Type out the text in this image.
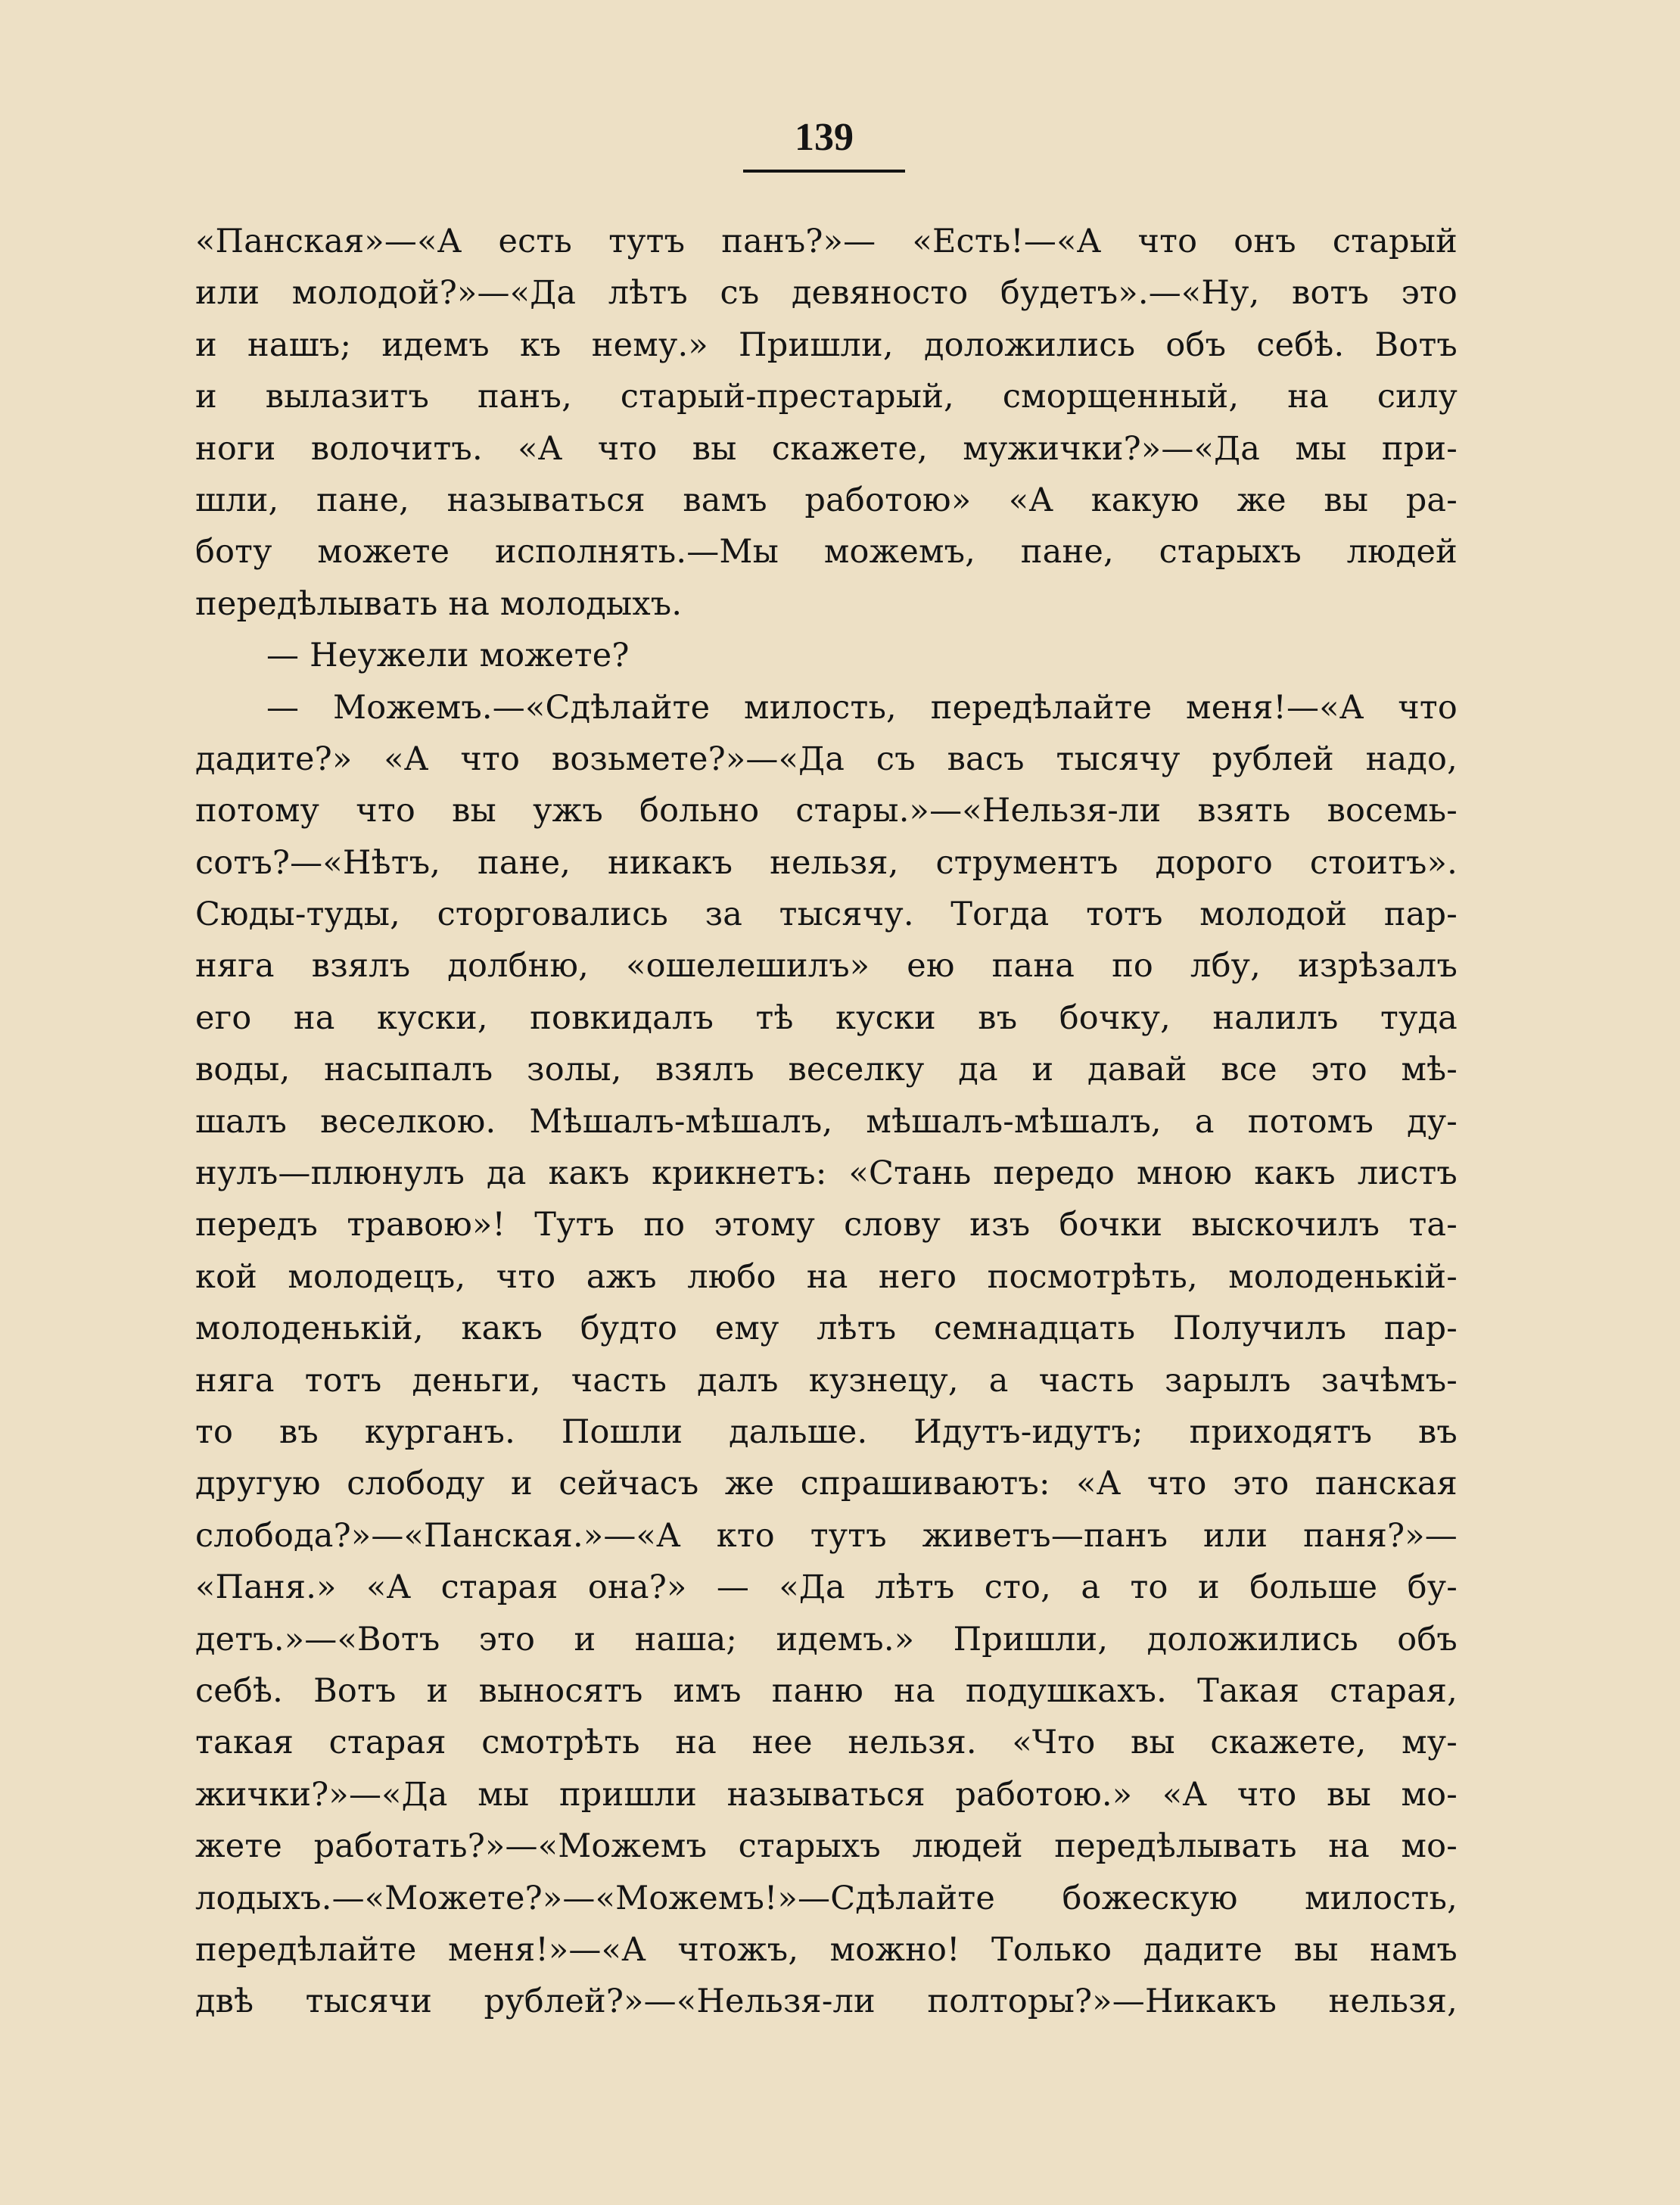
139
«Панская»—«А есть тутъ панъ?»— «Есть!—«А что онъ старый
или молодой?»—«Да лѣтъ съ девяносто будетъ».—«Ну, вотъ это
и нашъ; идемъ къ нему.» Пришли, доложились объ себѣ. Вотъ
и вылазитъ панъ, старый-престарый, сморщенный, на силу
ноги волочитъ. «А что вы скажете, мужички?»—«Да мы при-
шли, пане, называться вамъ работою» «А какую же вы ра-
боту можете исполнять.—Мы можемъ, пане, старыхъ людей
передѣлывать на молодыхъ.
— Неужели можете?
— Можемъ.—«Сдѣлайте милость, передѣлайте меня!—«А что
дадите?» «А что возьмете?»—«Да съ васъ тысячу рублей надо,
потому что вы ужъ больно стары.»—«Нельзя-ли взять восемь-
сотъ?—«Нѣтъ, пане, никакъ нельзя, струментъ дорого стоитъ».
Сюды-туды, сторговались за тысячу. Тогда тотъ молодой пар-
няга взялъ долбню, «ошелешилъ» ею пана по лбу, изрѣзалъ
его на куски, повкидалъ тѣ куски въ бочку, налилъ туда
воды, насыпалъ золы, взялъ веселку да и давай все это мѣ-
шалъ веселкою. Мѣшалъ-мѣшалъ, мѣшалъ-мѣшалъ, а потомъ ду-
нулъ—плюнулъ да какъ крикнетъ: «Стань передо мною какъ листъ
передъ травою»! Тутъ по этому слову изъ бочки выскочилъ та-
кой молодецъ, что ажъ любо на него посмотрѣть, молоденькій-
молоденькій, какъ будто ему лѣтъ семнадцать Получилъ пар-
няга тотъ деньги, часть далъ кузнецу, а часть зарылъ зачѣмъ-
то въ курганъ. Пошли дальше. Идутъ-идутъ; приходятъ въ
другую слободу и сейчасъ же спрашиваютъ: «А что это панская
слобода?»—«Панская.»—«А кто тутъ живетъ—панъ или паня?»—
«Паня.» «А старая она?» — «Да лѣтъ сто, а то и больше бу-
детъ.»—«Вотъ это и наша; идемъ.» Пришли, доложились объ
себѣ. Вотъ и выносятъ имъ паню на подушкахъ. Такая старая,
такая старая смотрѣть на нее нельзя. «Что вы скажете, му-
жички?»—«Да мы пришли называться работою.» «А что вы мо-
жете работать?»—«Можемъ старыхъ людей передѣлывать на мо-
лодыхъ.—«Можете?»—«Можемъ!»—Сдѣлайте божескую милость,
передѣлайте меня!»—«А чтожъ, можно! Только дадите вы намъ
двѣ тысячи рублей?»—«Нельзя-ли полторы?»—Никакъ нельзя,
